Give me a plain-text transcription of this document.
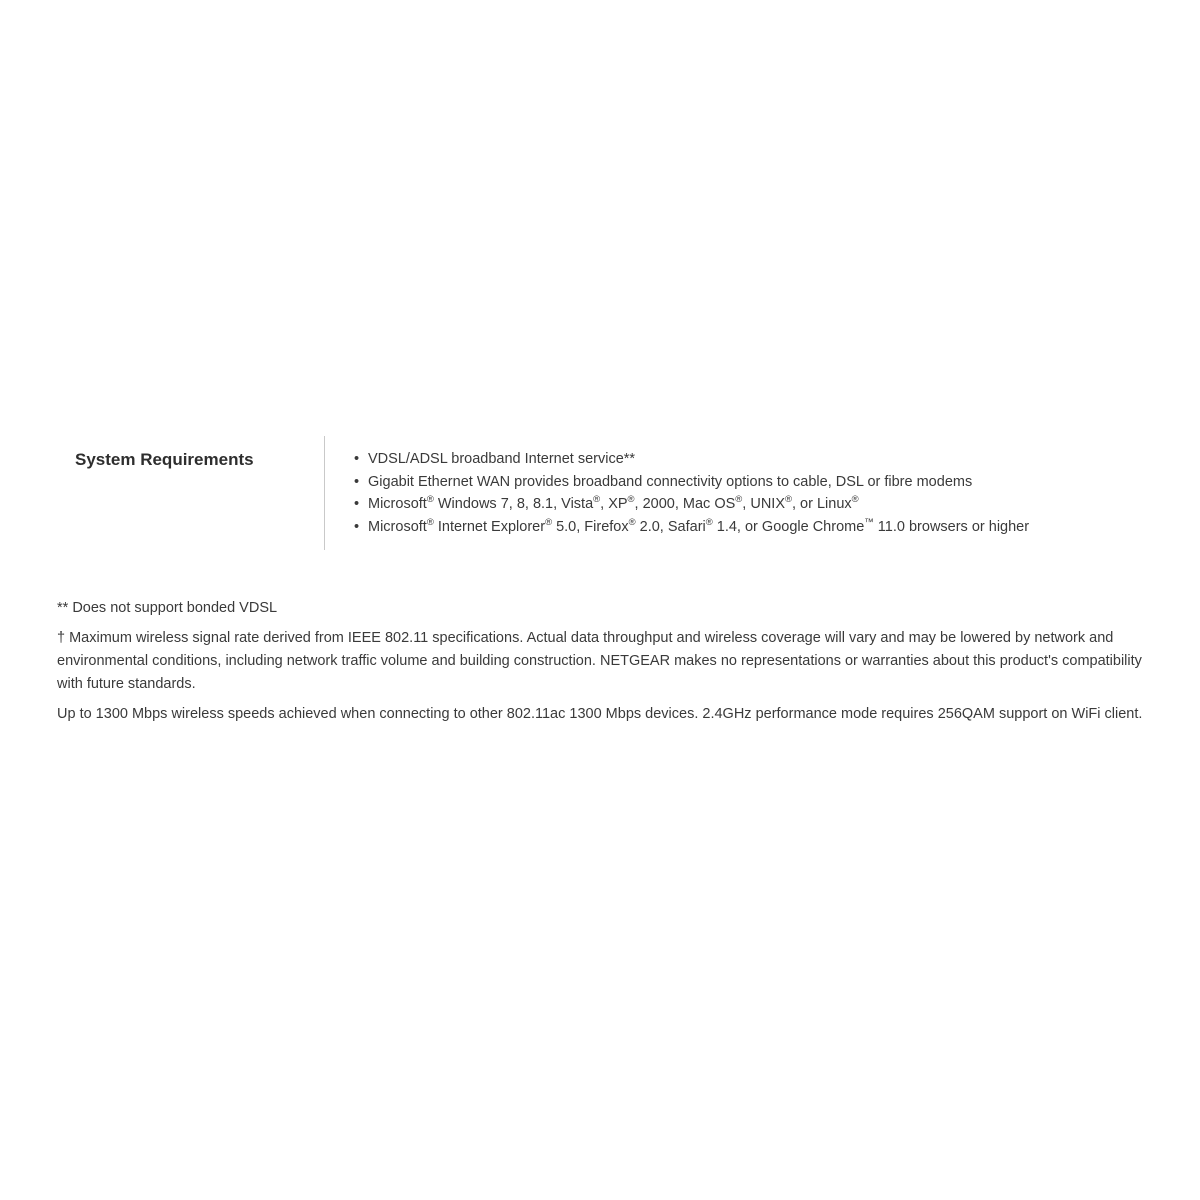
System Requirements	• VDSL/ADSL broadband Internet service**
• Gigabit Ethernet WAN provides broadband connectivity options to cable, DSL or fibre modems
• Microsoft® Windows 7, 8, 8.1, Vista®, XP®, 2000, Mac OS®, UNIX®, or Linux®
• Microsoft® Internet Explorer® 5.0, Firefox® 2.0, Safari® 1.4, or Google Chrome™ 11.0 browsers or higher

** Does not support bonded VDSL

† Maximum wireless signal rate derived from IEEE 802.11 specifications. Actual data throughput and wireless coverage will vary and may be lowered by network and environmental conditions, including network traffic volume and building construction. NETGEAR makes no representations or warranties about this product's compatibility with future standards.

Up to 1300 Mbps wireless speeds achieved when connecting to other 802.11ac 1300 Mbps devices. 2.4GHz performance mode requires 256QAM support on WiFi client.
